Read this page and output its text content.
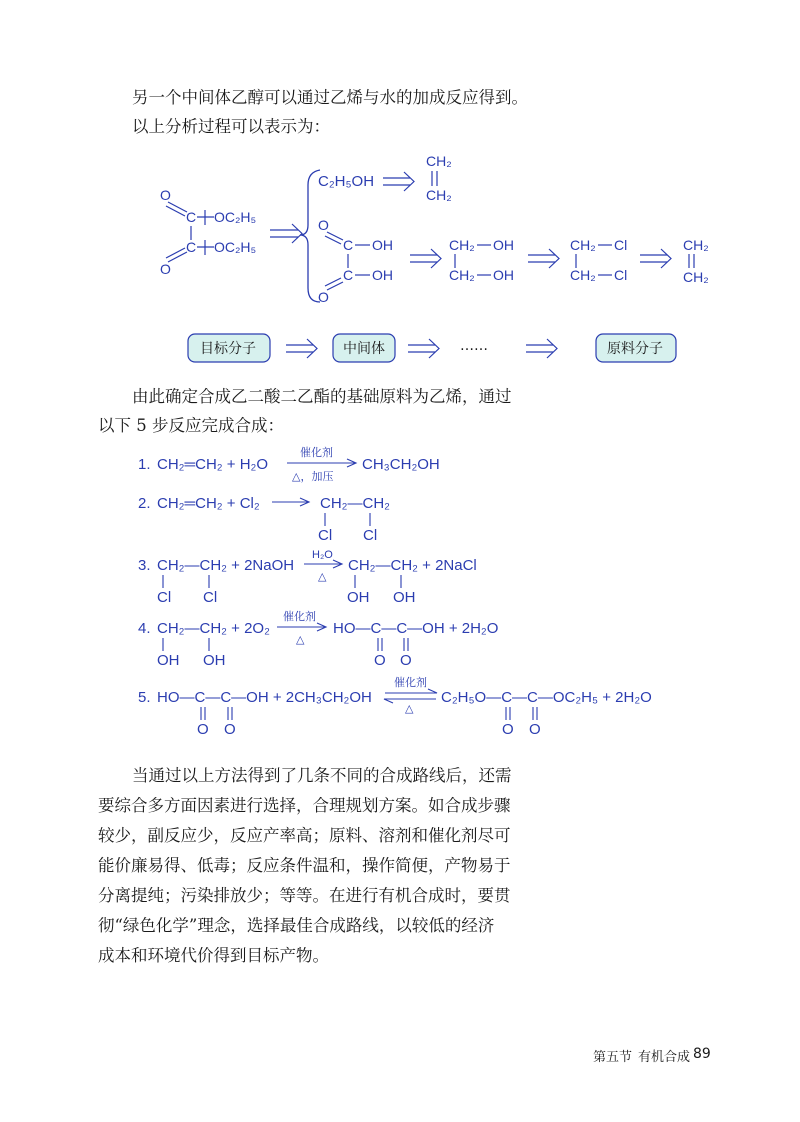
另一个中间体乙醇可以通过乙烯与水的加成反应得到。
以上分析过程可以表示为：
O
C OC₂H₅
C OC₂H₅
O
C₂H₅OH
CH₂
CH₂
O
C OH
C OH
O
CH₂ OH
CH₂ OH
CH₂ Cl
CH₂ Cl
CH₂
CH₂
目标分子	中间体	……	原料分子
由此确定合成乙二酸二乙酯的基础原料为乙烯，通过
以下 5 步反应完成合成：
1. CH₂═CH₂ + H₂O
催化剂
△，加压
CH₃CH₂OH
2. CH₂═CH₂ + Cl₂	CH₂—CH₂
Cl Cl
3. CH₂—CH₂ + 2NaOH
Cl Cl
H₂O
△
CH₂—CH₂ + 2NaCl
OH OH
4. CH₂—CH₂ + 2O₂
OH OH
催化剂
△
HO—C—C—OH + 2H₂O
O O
5. HO—C—C—OH + 2CH₃CH₂OH
O O
催化剂
△
C₂H₅O—C—C—OC₂H₅ + 2H₂O
O O
当通过以上方法得到了几条不同的合成路线后，还需
要综合多方面因素进行选择，合理规划方案。如合成步骤
较少，副反应少，反应产率高；原料、溶剂和催化剂尽可
能价廉易得、低毒；反应条件温和，操作简便，产物易于
分离提纯；污染排放少；等等。在进行有机合成时，要贯
彻“绿色化学”理念，选择最佳合成路线，以较低的经济
成本和环境代价得到目标产物。
第五节 有机合成 89
